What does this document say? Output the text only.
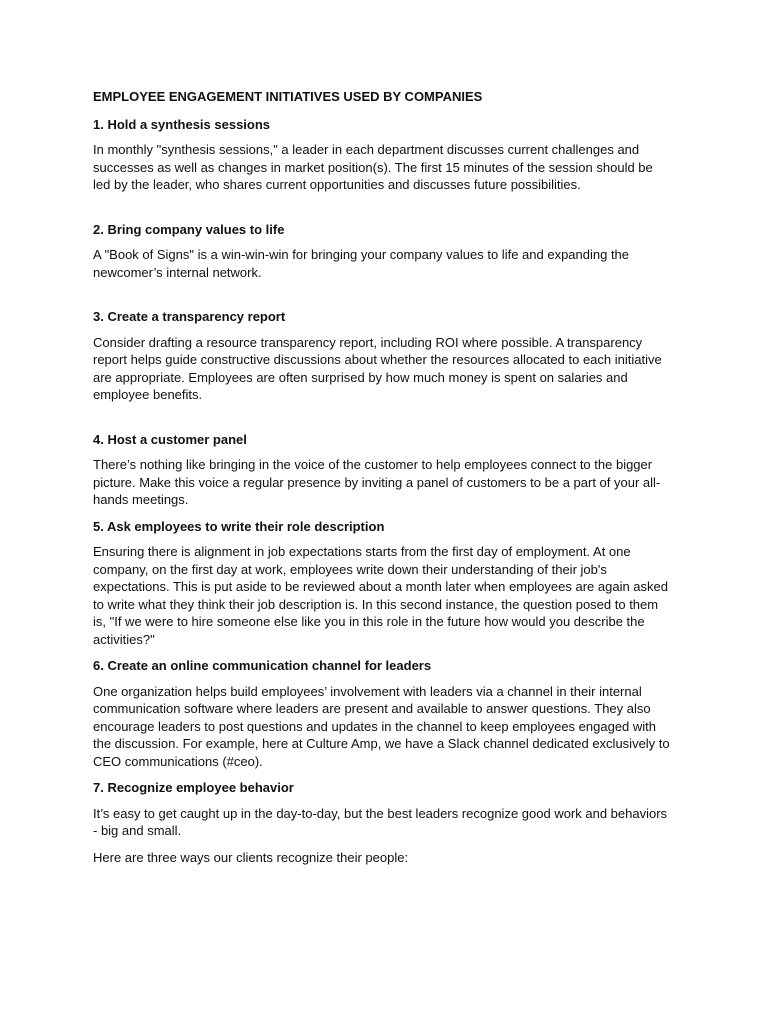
EMPLOYEE ENGAGEMENT INITIATIVES USED BY COMPANIES
1. Hold a synthesis sessions

In monthly "synthesis sessions," a leader in each department discusses current challenges and successes as well as changes in market position(s). The first 15 minutes of the session should be led by the leader, who shares current opportunities and discusses future possibilities.

2. Bring company values to life

A "Book of Signs" is a win-win-win for bringing your company values to life and expanding the newcomer’s internal network.

3. Create a transparency report

Consider drafting a resource transparency report, including ROI where possible. A transparency report helps guide constructive discussions about whether the resources allocated to each initiative are appropriate. Employees are often surprised by how much money is spent on salaries and employee benefits.

4. Host a customer panel

There’s nothing like bringing in the voice of the customer to help employees connect to the bigger picture. Make this voice a regular presence by inviting a panel of customers to be a part of your all-hands meetings.

5. Ask employees to write their role description

Ensuring there is alignment in job expectations starts from the first day of employment. At one company, on the first day at work, employees write down their understanding of their job's expectations. This is put aside to be reviewed about a month later when employees are again asked to write what they think their job description is. In this second instance, the question posed to them is, "If we were to hire someone else like you in this role in the future how would you describe the activities?"

6. Create an online communication channel for leaders

One organization helps build employees’ involvement with leaders via a channel in their internal communication software where leaders are present and available to answer questions. They also encourage leaders to post questions and updates in the channel to keep employees engaged with the discussion. For example, here at Culture Amp, we have a Slack channel dedicated exclusively to CEO communications (#ceo).

7. Recognize employee behavior

It’s easy to get caught up in the day-to-day, but the best leaders recognize good work and behaviors - big and small.

Here are three ways our clients recognize their people:
